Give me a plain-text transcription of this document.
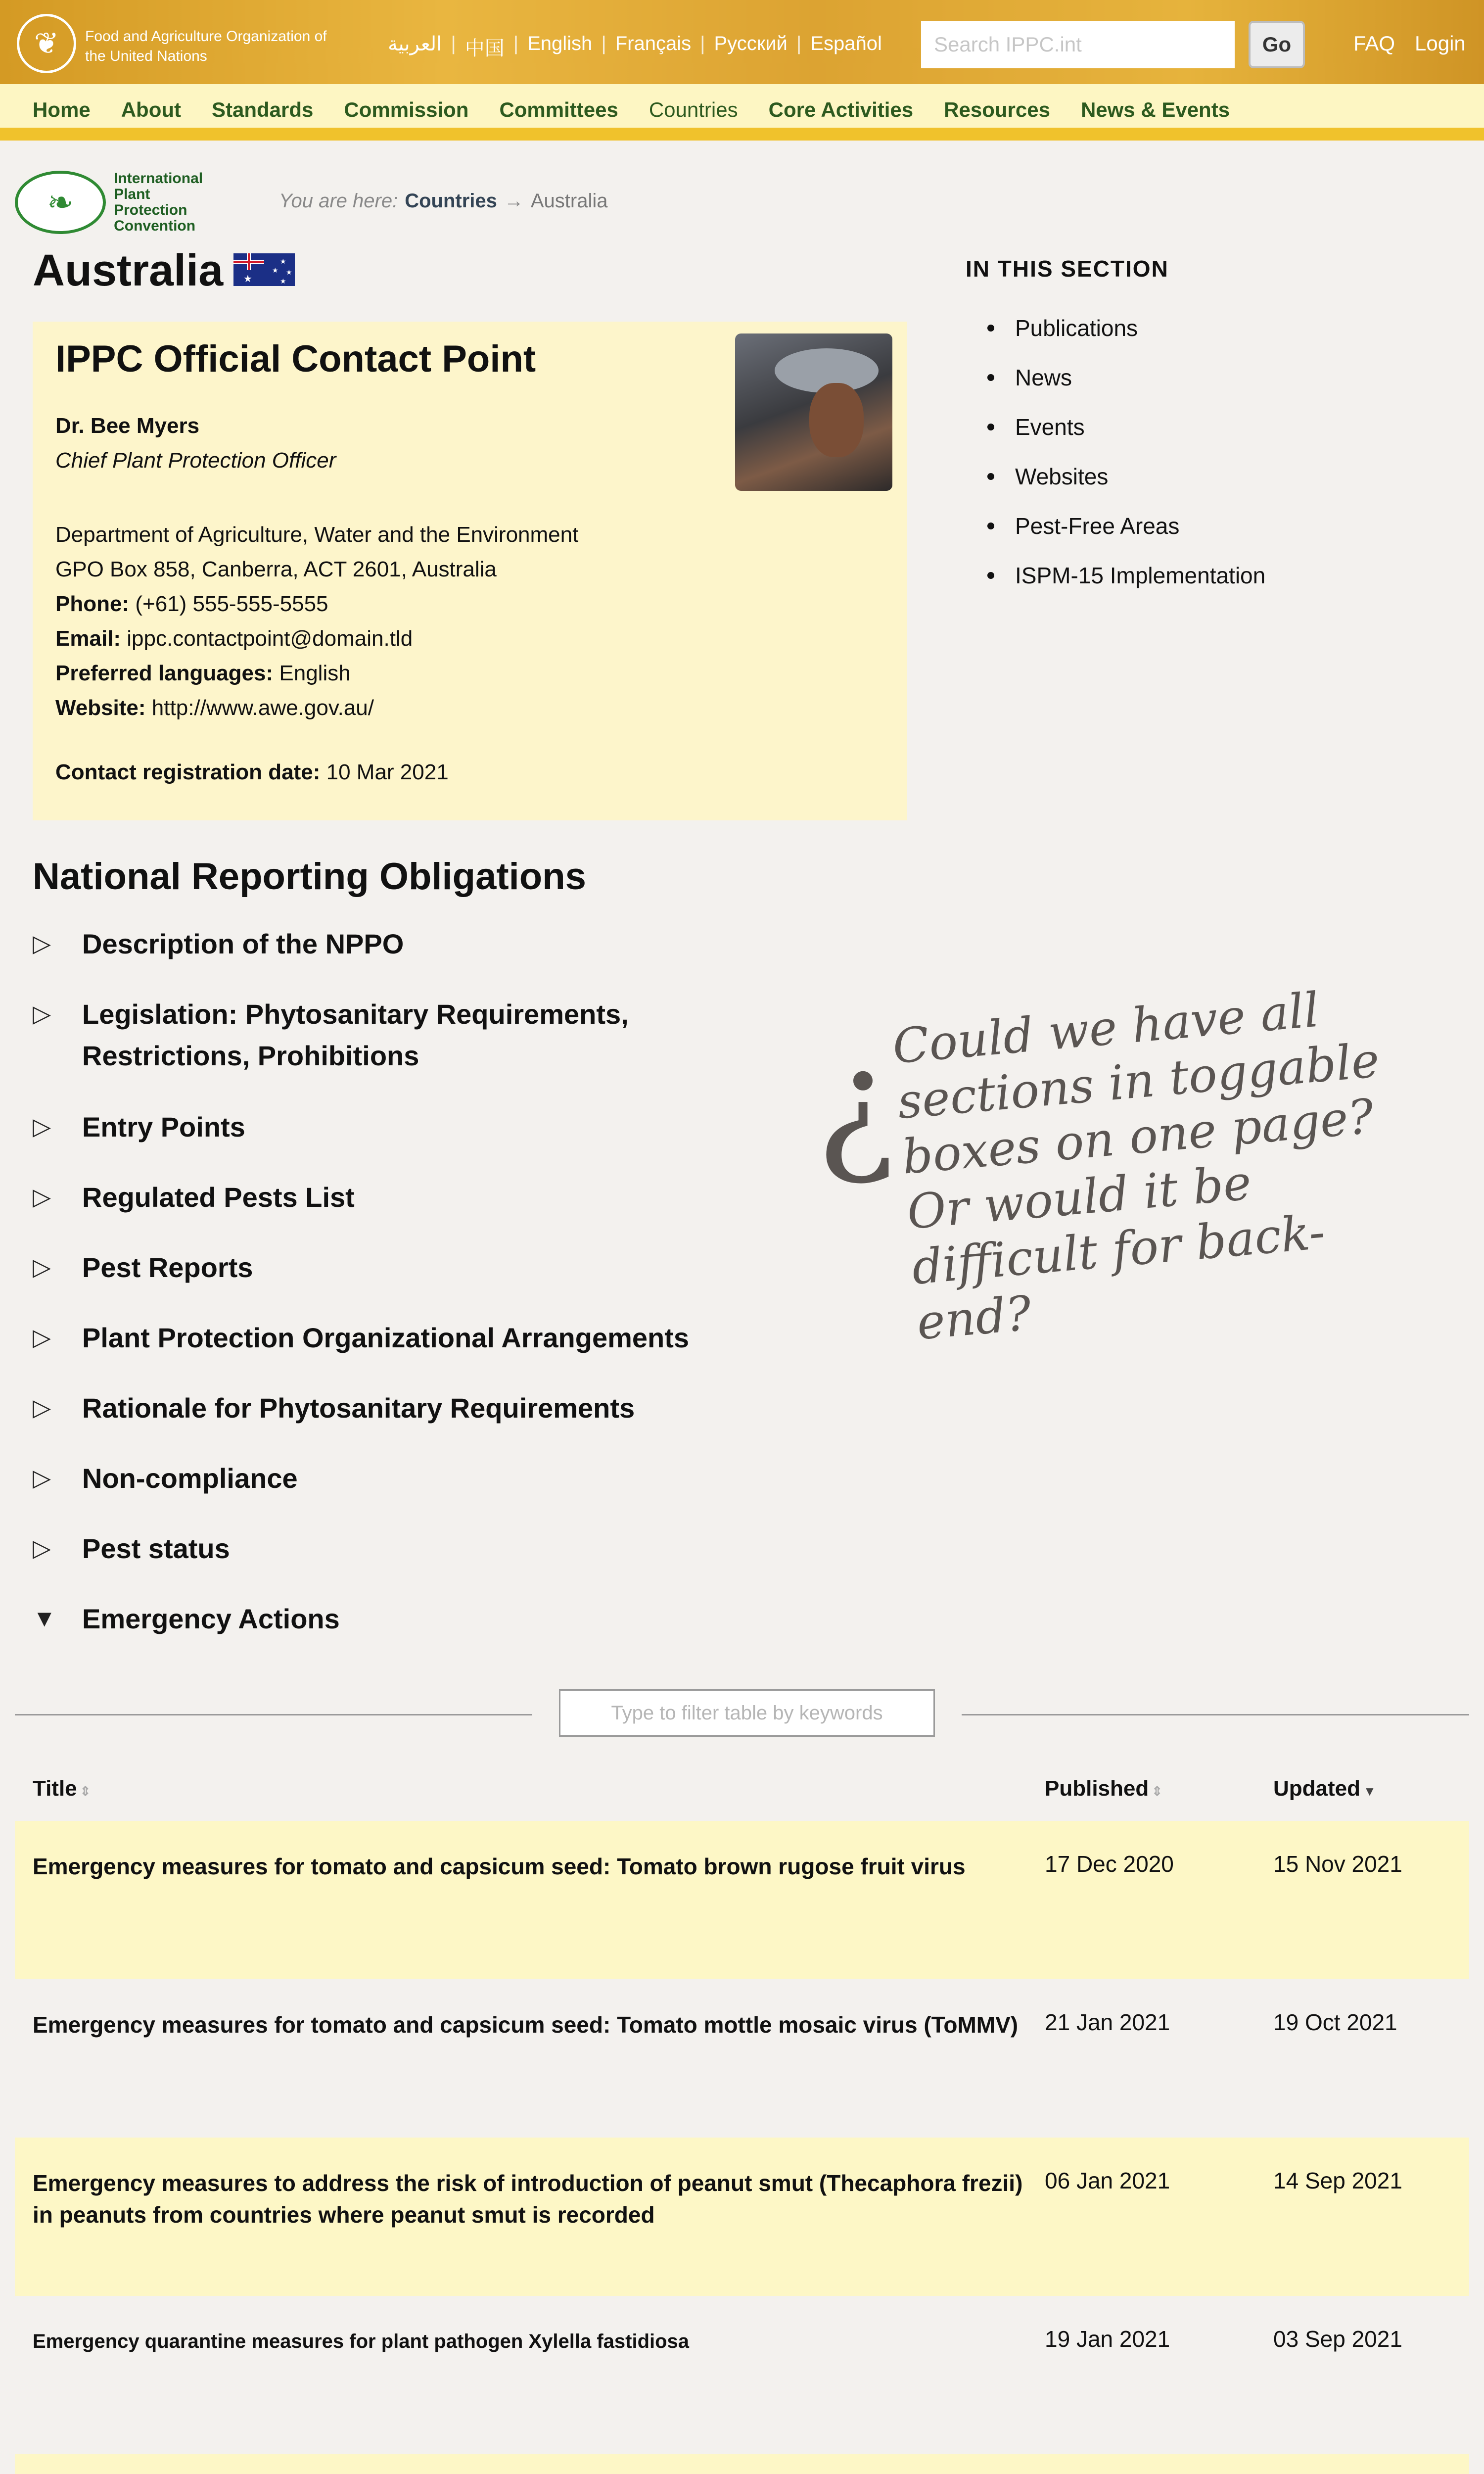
❦	Food and Agriculture Organization of the United Nations
العربية | 中国 | English | Français | Русский | Español
Search IPPC.int	Go	FAQ Login
Home About Standards Commission Committees Countries Core Activities Resources News & Events
❧
International
Plant Protection
Convention
You are here: Countries → Australia
Australia ★
★
★ ★
★
IPPC Official Contact Point
Dr. Bee Myers
Chief Plant Protection Officer
Department of Agriculture, Water and the Environment
GPO Box 858, Canberra, ACT 2601, Australia
Phone: (+61) 555-555-5555
Email: ippc.contactpoint@domain.tld
Preferred languages: English
Website: http://www.awe.gov.au/
Contact registration date: 10 Mar 2021
IN THIS SECTION
Publications
News
Events
Websites
Pest-Free Areas
ISPM-15 Implementation
National Reporting Obligations
▷	Description of the NPPO
▷	Legislation: Phytosanitary Requirements, Restrictions, Prohibitions
▷	Entry Points
▷	Regulated Pests List
▷	Pest Reports
▷	Plant Protection Organizational Arrangements
▷	Rationale for Phytosanitary Requirements
▷	Non-compliance
▷	Pest status
▼ Emergency Actions
¿
Could we have all sections in toggable boxes on one page? Or would it be difficult for back-end?
Type to filter table by keywords
Title ⇕	Published ⇕	Updated ▼
Emergency measures for tomato and capsicum seed: Tomato brown rugose fruit virus	17 Dec 2020	15 Nov 2021
Emergency measures for tomato and capsicum seed: Tomato mottle mosaic virus (ToMMV)	21 Jan 2021	19 Oct 2021
Emergency measures to address the risk of introduction of peanut smut (Thecaphora frezii) in peanuts from countries where peanut smut is recorded
06 Jan 2021	14 Sep 2021
Emergency quarantine measures for plant pathogen Xylella fastidiosa	19 Jan 2021	03 Sep 2021
